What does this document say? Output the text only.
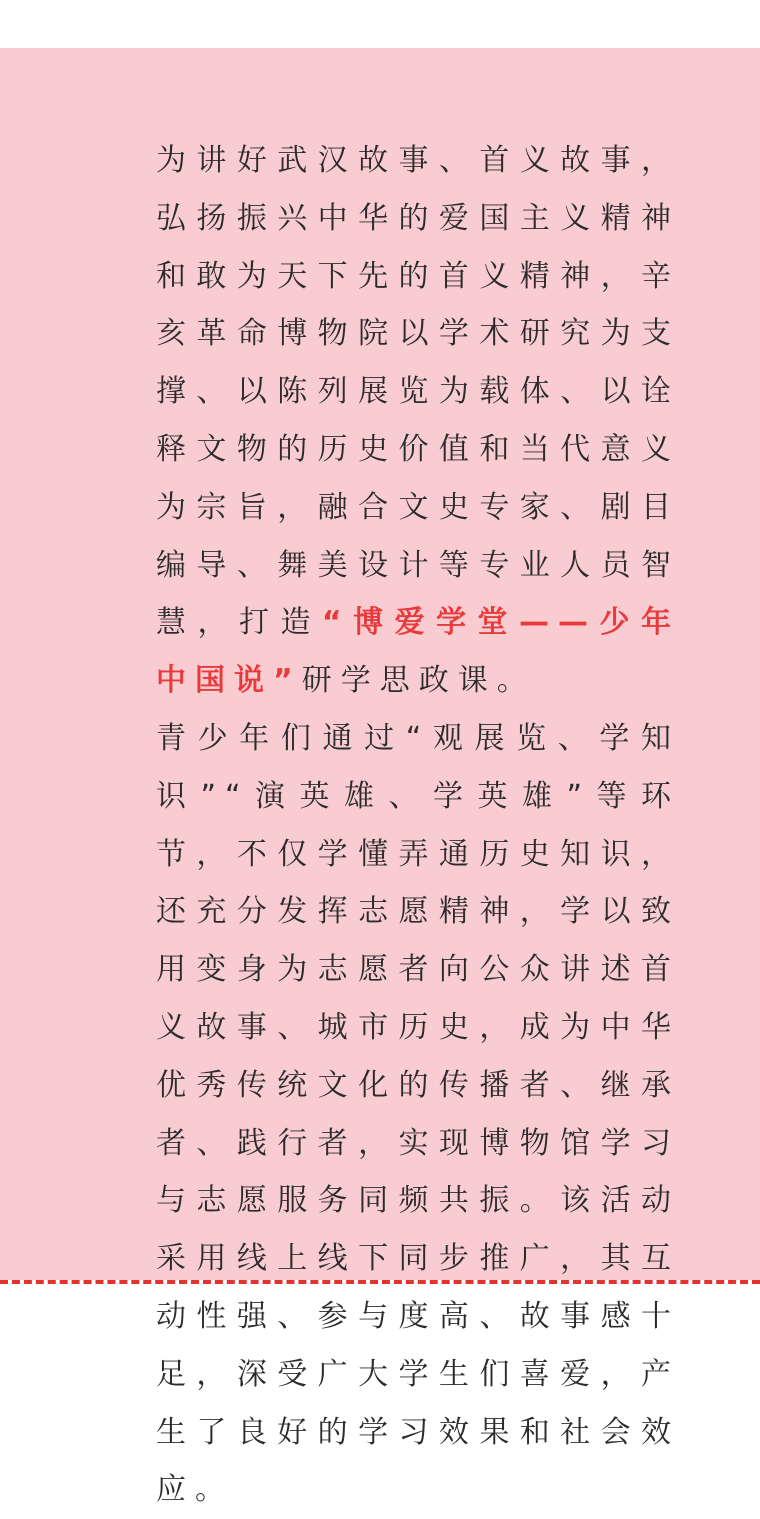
为讲好武汉故事、首义故事，弘扬振兴中华的爱国主义精神和敢为天下先的首义精神，辛亥革命博物院以学术研究为支撑、以陈列展览为载体、以诠释文物的历史价值和当代意义为宗旨，融合文史专家、剧目编导、舞美设计等专业人员智慧，打造“博爱学堂——少年中国说”研学思政课。

青少年们通过“观展览、学知识”“演英雄、学英雄”等环节，不仅学懂弄通历史知识，还充分发挥志愿精神，学以致用变身为志愿者向公众讲述首义故事、城市历史，成为中华优秀传统文化的传播者、继承者、践行者，实现博物馆学习与志愿服务同频共振。该活动采用线上线下同步推广，其互动性强、参与度高、故事感十足，深受广大学生们喜爱，产生了良好的学习效果和社会效应。
